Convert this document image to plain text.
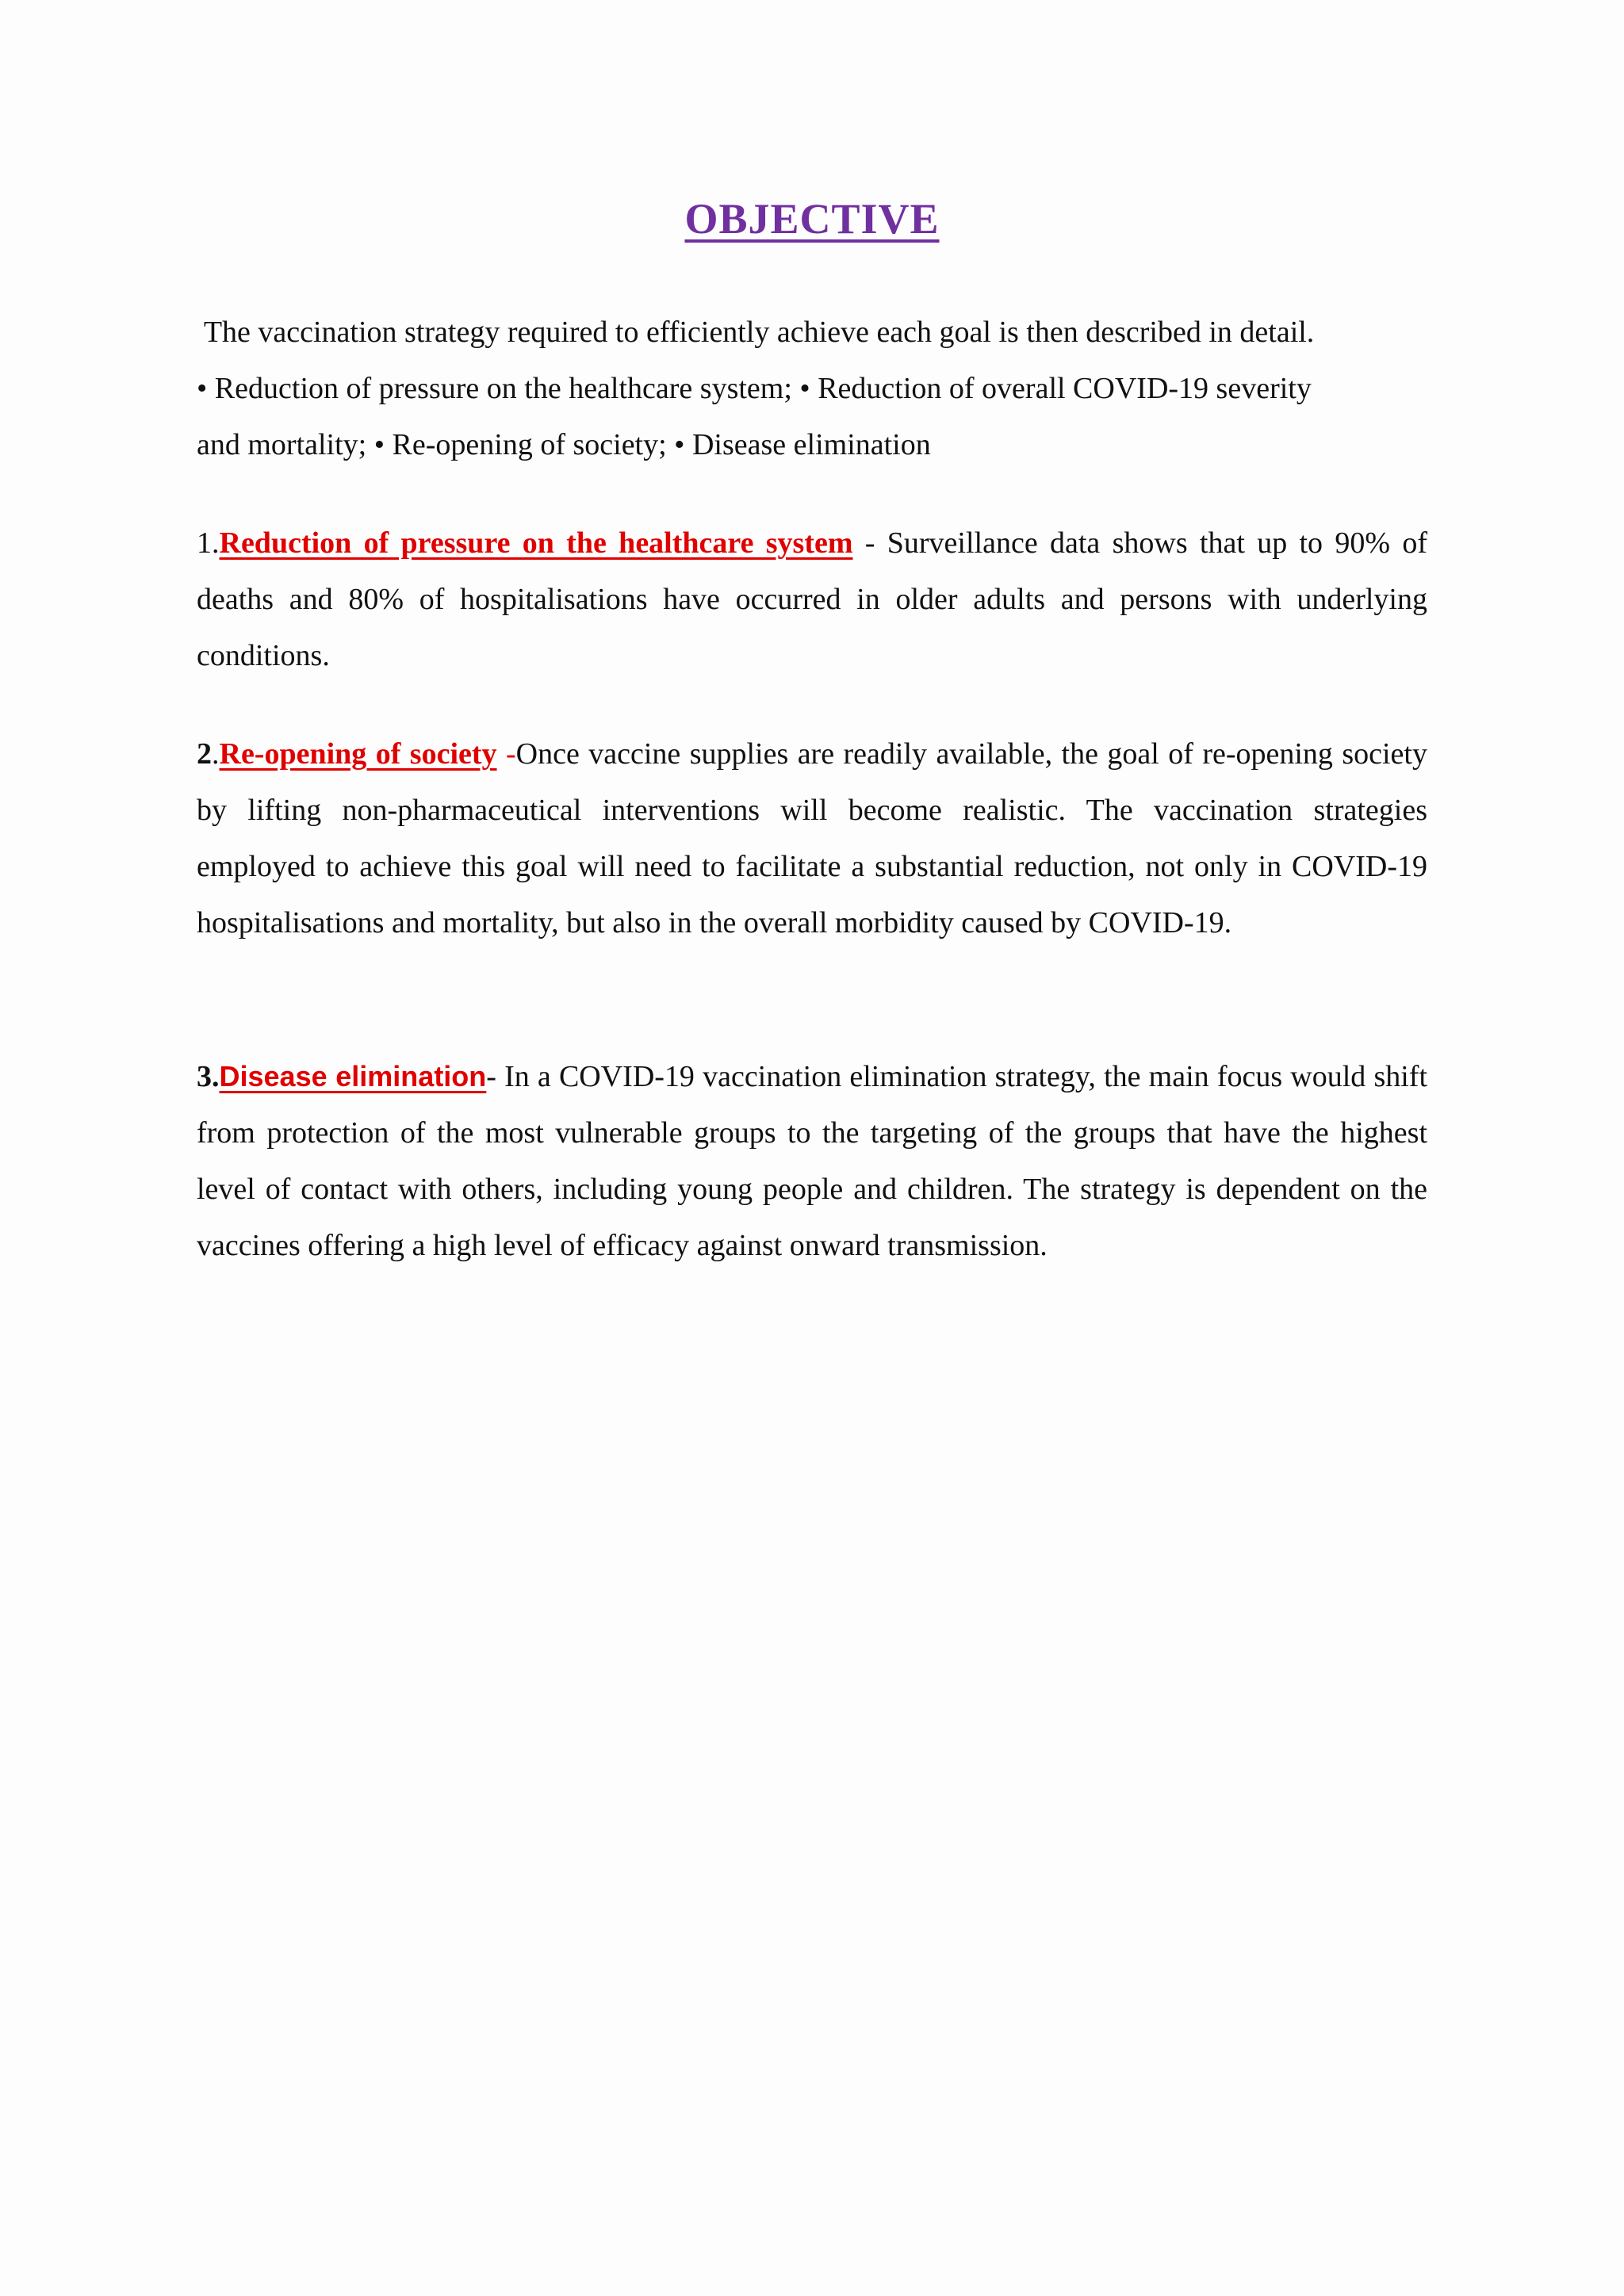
OBJECTIVE
The vaccination strategy required to efficiently achieve each goal is then described in detail.
• Reduction of pressure on the healthcare system; • Reduction of overall COVID-19 severity
and mortality; • Re-opening of society; • Disease elimination
1.Reduction of pressure on the healthcare system - Surveillance data shows that up to 90% of deaths and 80% of hospitalisations have occurred in older adults and persons with underlying conditions.
2.Re-opening of society -Once vaccine supplies are readily available, the goal of re-opening society by lifting non-pharmaceutical interventions will become realistic. The vaccination strategies employed to achieve this goal will need to facilitate a substantial reduction, not only in COVID-19 hospitalisations and mortality, but also in the overall morbidity caused by COVID-19.
3.Disease elimination- In a COVID-19 vaccination elimination strategy, the main focus would shift from protection of the most vulnerable groups to the targeting of the groups that have the highest level of contact with others, including young people and children. The strategy is dependent on the vaccines offering a high level of efficacy against onward transmission.
